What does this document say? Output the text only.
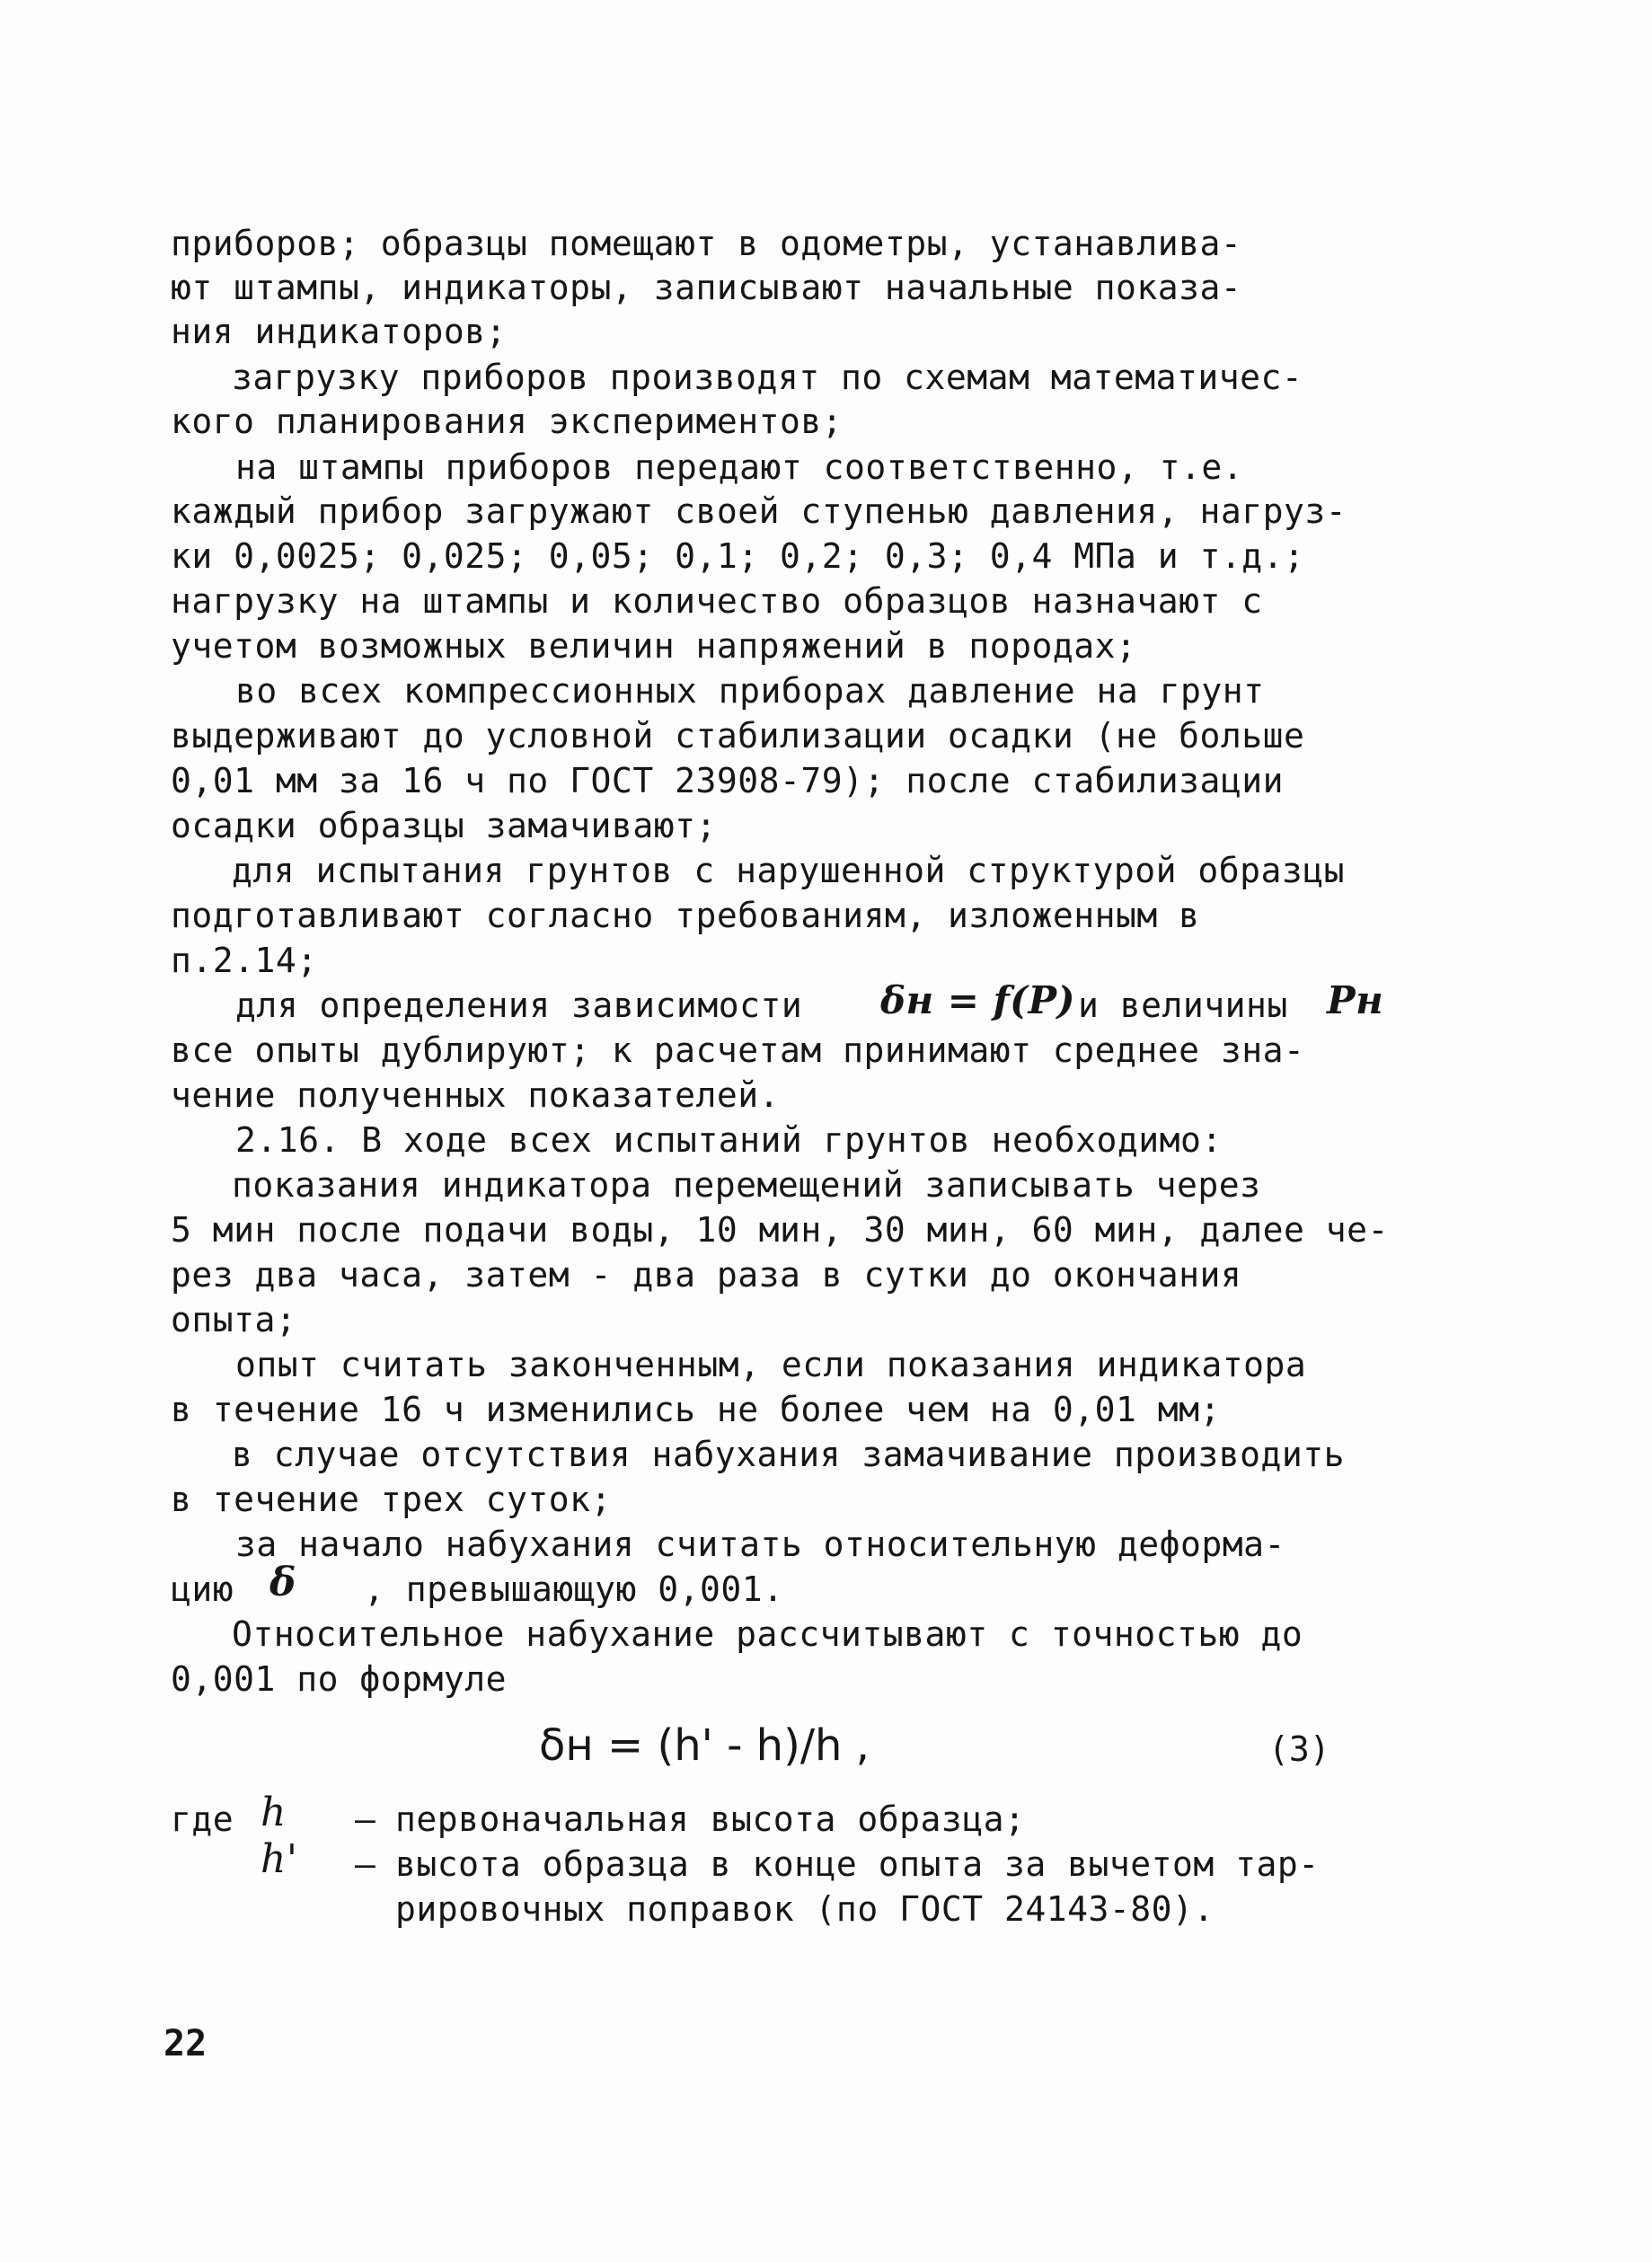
приборов; образцы помещают в одометры, устанавлива-
ют штампы, индикаторы, записывают начальные показа-
ния индикаторов;
загрузку приборов производят по схемам математичес-
кого планирования экспериментов;
на штампы приборов передают соответственно, т.е.
каждый прибор загружают своей ступенью давления, нагруз-
ки 0,0025; 0,025; 0,05; 0,1; 0,2; 0,3; 0,4 МПа и т.д.;
нагрузку на штампы и количество образцов назначают с
учетом возможных величин напряжений в породах;
во всех компрессионных приборах давление на грунт
выдерживают до условной стабилизации осадки (не больше
0,01 мм за 16 ч по ГОСТ 23908-79); после стабилизации
осадки образцы замачивают;
для испытания грунтов с нарушенной структурой образцы
подготавливают согласно требованиям, изложенным в
п.2.14;
для определения зависимости δн = f(P) и величины Pн
все опыты дублируют; к расчетам принимают среднее зна-
чение полученных показателей.
2.16. В ходе всех испытаний грунтов необходимо:
показания индикатора перемещений записывать через
5 мин после подачи воды, 10 мин, 30 мин, 60 мин, далее че-
рез два часа, затем - два раза в сутки до окончания
опыта;
опыт считать законченным, если показания индикатора
в течение 16 ч изменились не более чем на 0,01 мм;
в случае отсутствия набухания замачивание производить
в течение трех суток;
за начало набухания считать относительную деформа-
цию δ , превышающую 0,001.
Относительное набухание рассчитывают с точностью до
0,001 по формуле
δн = (h' - h)/h ,	(3)
где h – первоначальная высота образца;
h' – высота образца в конце опыта за вычетом тар-
рировочных поправок (по ГОСТ 24143-80).
22
